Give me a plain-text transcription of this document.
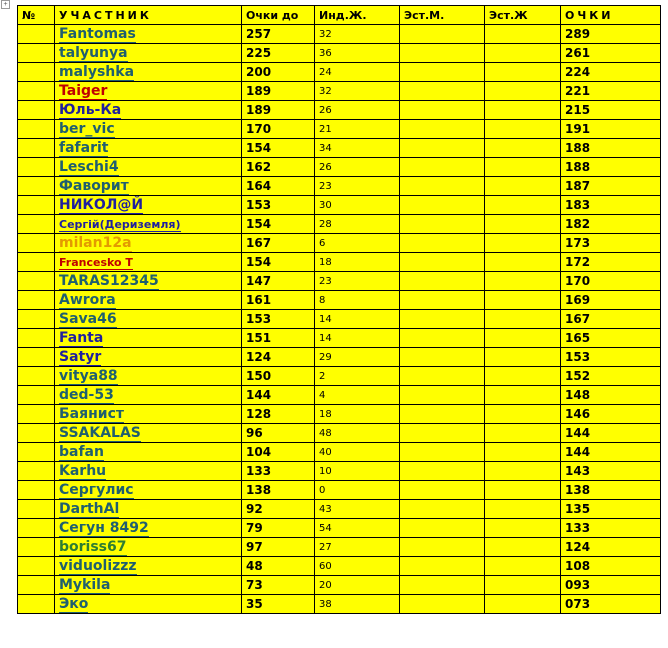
+
№	УЧАСТНИК	Очки до	Инд.Ж.	Эст.М.	Эст.Ж	ОЧКИ
	Fantomas	257	32			289
	talyunya	225	36			261
	malyshka	200	24			224
	Taiger	189	32			221
	Юль-Ка	189	26			215
	ber_vic	170	21			191
	fafarit	154	34			188
	Leschi4	162	26			188
	Фаворит	164	23			187
	НИКОЛ@Й	153	30			183
	Сергій(Дериземля)	154	28			182
	milan12a	167	6			173
	Francesko T	154	18			172
	TARAS12345	147	23			170
	Awrora	161	8			169
	Sava46	153	14			167
	Fanta	151	14			165
	Satyr	124	29			153
	vitya88	150	2			152
	ded-53	144	4			148
	Баянист	128	18			146
	SSAKALAS	96	48			144
	bafan	104	40			144
	Karhu	133	10			143
	Сергулис	138	0			138
	DarthAl	92	43			135
	Сегун 8492	79	54			133
	boriss67	97	27			124
	viduolizzz	48	60			108
	Mykila	73	20			093
	Эко	35	38			073
